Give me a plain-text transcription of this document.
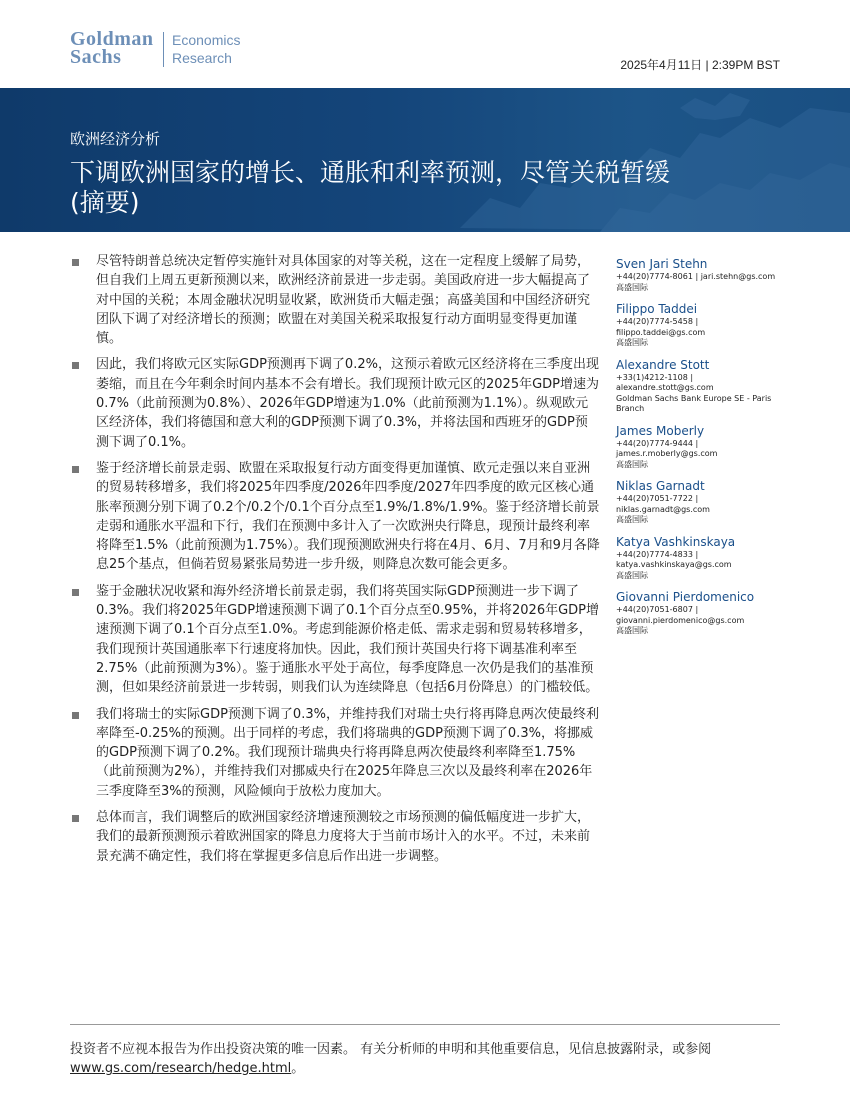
Goldman
Sachs
Economics
Research	2025年4月11日 | 2:39PM BST
欧洲经济分析
下调欧洲国家的增长、通胀和利率预测，尽管关税暂缓 (摘要)
尽管特朗普总统决定暂停实施针对具体国家的对等关税，这在一定程度上缓解了局势，但自我们上周五更新预测以来，欧洲经济前景进一步走弱。美国政府进一步大幅提高了对中国的关税；本周金融状况明显收紧，欧洲货币大幅走强；高盛美国和中国经济研究团队下调了对经济增长的预测；欧盟在对美国关税采取报复行动方面明显变得更加谨慎。
因此，我们将欧元区实际GDP预测再下调了0.2%，这预示着欧元区经济将在三季度出现萎缩，而且在今年剩余时间内基本不会有增长。我们现预计欧元区的2025年GDP增速为0.7%（此前预测为0.8%）、2026年GDP增速为1.0%（此前预测为1.1%）。纵观欧元区经济体，我们将德国和意大利的GDP预测下调了0.3%，并将法国和西班牙的GDP预测下调了0.1%。
鉴于经济增长前景走弱、欧盟在采取报复行动方面变得更加谨慎、欧元走强以来自亚洲的贸易转移增多，我们将2025年四季度/2026年四季度/2027年四季度的欧元区核心通胀率预测分别下调了0.2个/0.2个/0.1个百分点至1.9%/1.8%/1.9%。鉴于经济增长前景走弱和通胀水平温和下行，我们在预测中多计入了一次欧洲央行降息，现预计最终利率将降至1.5%（此前预测为1.75%）。我们现预测欧洲央行将在4月、6月、7月和9月各降息25个基点，但倘若贸易紧张局势进一步升级，则降息次数可能会更多。
鉴于金融状况收紧和海外经济增长前景走弱，我们将英国实际GDP预测进一步下调了0.3%。我们将2025年GDP增速预测下调了0.1个百分点至0.95%，并将2026年GDP增速预测下调了0.1个百分点至1.0%。考虑到能源价格走低、需求走弱和贸易转移增多，我们现预计英国通胀率下行速度将加快。因此，我们预计英国央行将下调基准利率至2.75%（此前预测为3%）。鉴于通胀水平处于高位，每季度降息一次仍是我们的基准预测，但如果经济前景进一步转弱，则我们认为连续降息（包括6月份降息）的门槛较低。
我们将瑞士的实际GDP预测下调了0.3%，并维持我们对瑞士央行将再降息两次使最终利率降至-0.25%的预测。出于同样的考虑，我们将瑞典的GDP预测下调了0.3%，将挪威的GDP预测下调了0.2%。我们现预计瑞典央行将再降息两次使最终利率降至1.75%（此前预测为2%），并维持我们对挪威央行在2025年降息三次以及最终利率在2026年三季度降至3%的预测，风险倾向于放松力度加大。
总体而言，我们调整后的欧洲国家经济增速预测较之市场预测的偏低幅度进一步扩大，我们的最新预测预示着欧洲国家的降息力度将大于当前市场计入的水平。不过，未来前景充满不确定性，我们将在掌握更多信息后作出进一步调整。
Sven Jari Stehn
+44(20)7774-8061 | jari.stehn@gs.com
高盛国际
Filippo Taddei
+44(20)7774-5458 |
filippo.taddei@gs.com
高盛国际
Alexandre Stott
+33(1)4212-1108 |
alexandre.stott@gs.com
Goldman Sachs Bank Europe SE - Paris
Branch
James Moberly
+44(20)7774-9444 |
james.r.moberly@gs.com
高盛国际
Niklas Garnadt
+44(20)7051-7722 |
niklas.garnadt@gs.com
高盛国际
Katya Vashkinskaya
+44(20)7774-4833 |
katya.vashkinskaya@gs.com
高盛国际
Giovanni Pierdomenico
+44(20)7051-6807 |
giovanni.pierdomenico@gs.com
高盛国际
投资者不应视本报告为作出投资决策的唯一因素。 有关分析师的申明和其他重要信息，见信息披露附录，或参阅
www.gs.com/research/hedge.html。
